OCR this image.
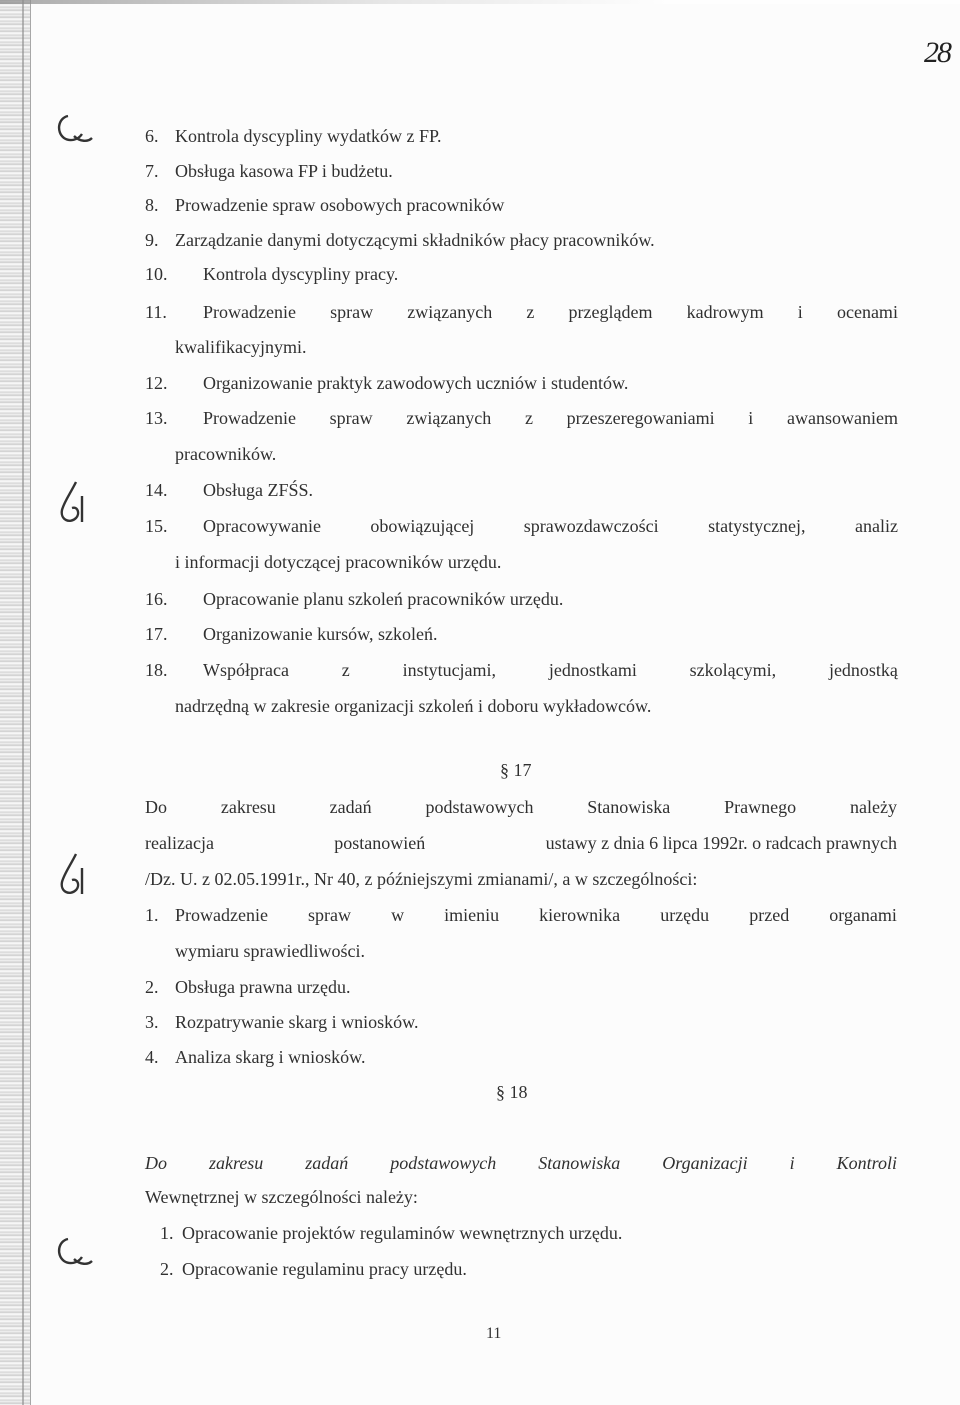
28
6. Kontrola dyscypliny wydatków z FP.
7. Obsługa kasowa FP i budżetu.
8. Prowadzenie spraw osobowych pracowników
9. Zarządzanie danymi dotyczącymi składników płacy pracowników.
10. Kontrola dyscypliny pracy.
11. Prowadzenie spraw związanych z przeglądem kadrowym i ocenami
kwalifikacyjnymi.
12. Organizowanie praktyk zawodowych uczniów i studentów.
13. Prowadzenie spraw związanych z przeszeregowaniami i awansowaniem
pracowników.
14. Obsługa ZFŚS.
15. Opracowywanie	obowiązującej	sprawozdawczości	statystycznej,	analiz
i informacji dotyczącej pracowników urzędu.
16. Opracowanie planu szkoleń pracowników urzędu.
17. Organizowanie kursów, szkoleń.
18. Współpraca	z	instytucjami,	jednostkami	szkolącymi,	jednostką
nadrzędną w zakresie organizacji szkoleń i doboru wykładowców.
§ 17
Do	zakresu	zadań	podstawowych	Stanowiska	Prawnego	należy
realizacja	postanowień	ustawy z dnia 6 lipca 1992r. o radcach prawnych
/Dz. U. z 02.05.1991r., Nr 40, z późniejszymi zmianami/, a w szczególności:
1. Prowadzenie spraw w imieniu kierownika urzędu przed organami
wymiaru sprawiedliwości.
2. Obsługa prawna urzędu.
3. Rozpatrywanie skarg i wniosków.
4. Analiza skarg i wniosków.
§ 18
Do zakresu zadań podstawowych Stanowiska Organizacji i Kontroli
Wewnętrznej w szczególności należy:
1. Opracowanie projektów regulaminów wewnętrznych urzędu.
2. Opracowanie regulaminu pracy urzędu.
11
